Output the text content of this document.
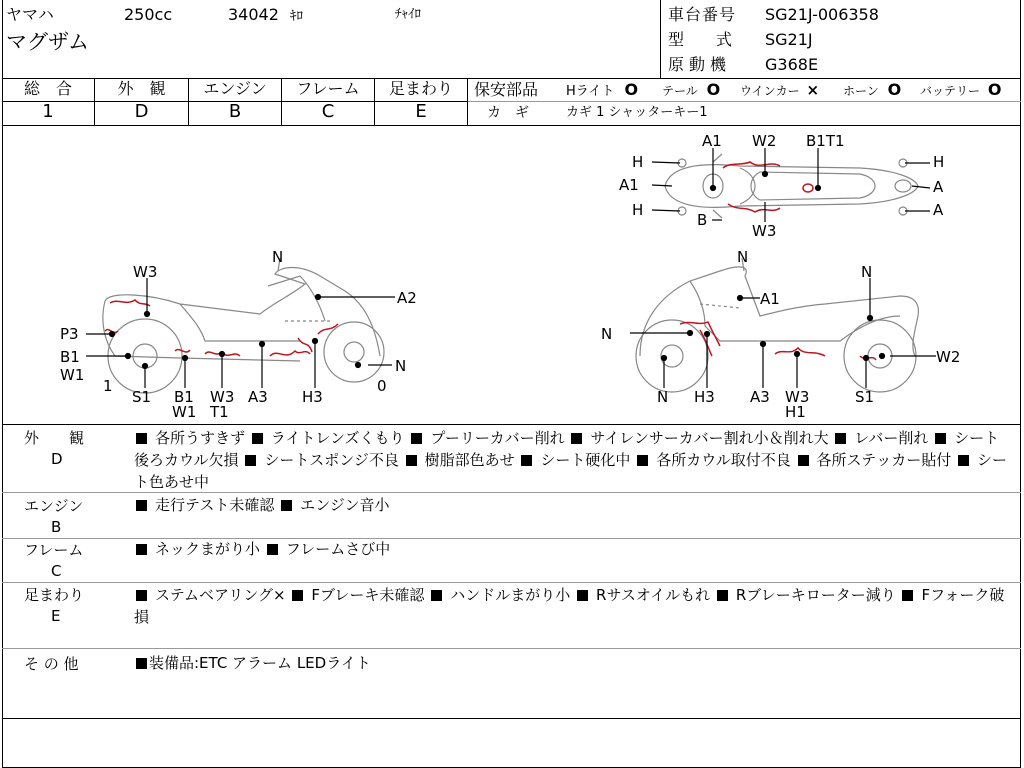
ヤマハ	250cc	34042 ｷﾛ	ﾁｬｲﾛ
マグザム
車台番号 SG21J-006358
型　　式 SG21J
原動機 G368E
総　合
1
外　観
D
エンジン
B
フレーム
C
足まわり
E
保安部品 Hライト O テール O ウインカー × ホーン O バッテリー O
カ　ギ	カギ 1 シャッターキー1
H
A1
H
H
A
A
A1 W2 B1T1
B
W3
W3
N
A2
P3
B1
W1	N
1	0
S1 B1 W3 A3 H3
W1 T1
N
A1
N
W2
N
N H3 A3 W3	S1
H1
外　　観
D
各所うすきず ライトレンズくもり プーリーカバー削れ サイレンサーカバー割れ小＆削れ大 レバー削れ シート後ろカウル欠損 シートスポンジ不良 樹脂部色あせ シート硬化中 各所カウル取付不良 各所ステッカー貼付 シート色あせ中
エンジン
B
走行テスト未確認 エンジン音小
フレーム
C
ネックまがり小 フレームさび中
足まわり
E
ステムベアリング× Fブレーキ未確認 ハンドルまがり小 Rサスオイルもれ Rブレーキローター減り Fフォーク破損
そ の 他	装備品:ETC アラーム LEDライト
